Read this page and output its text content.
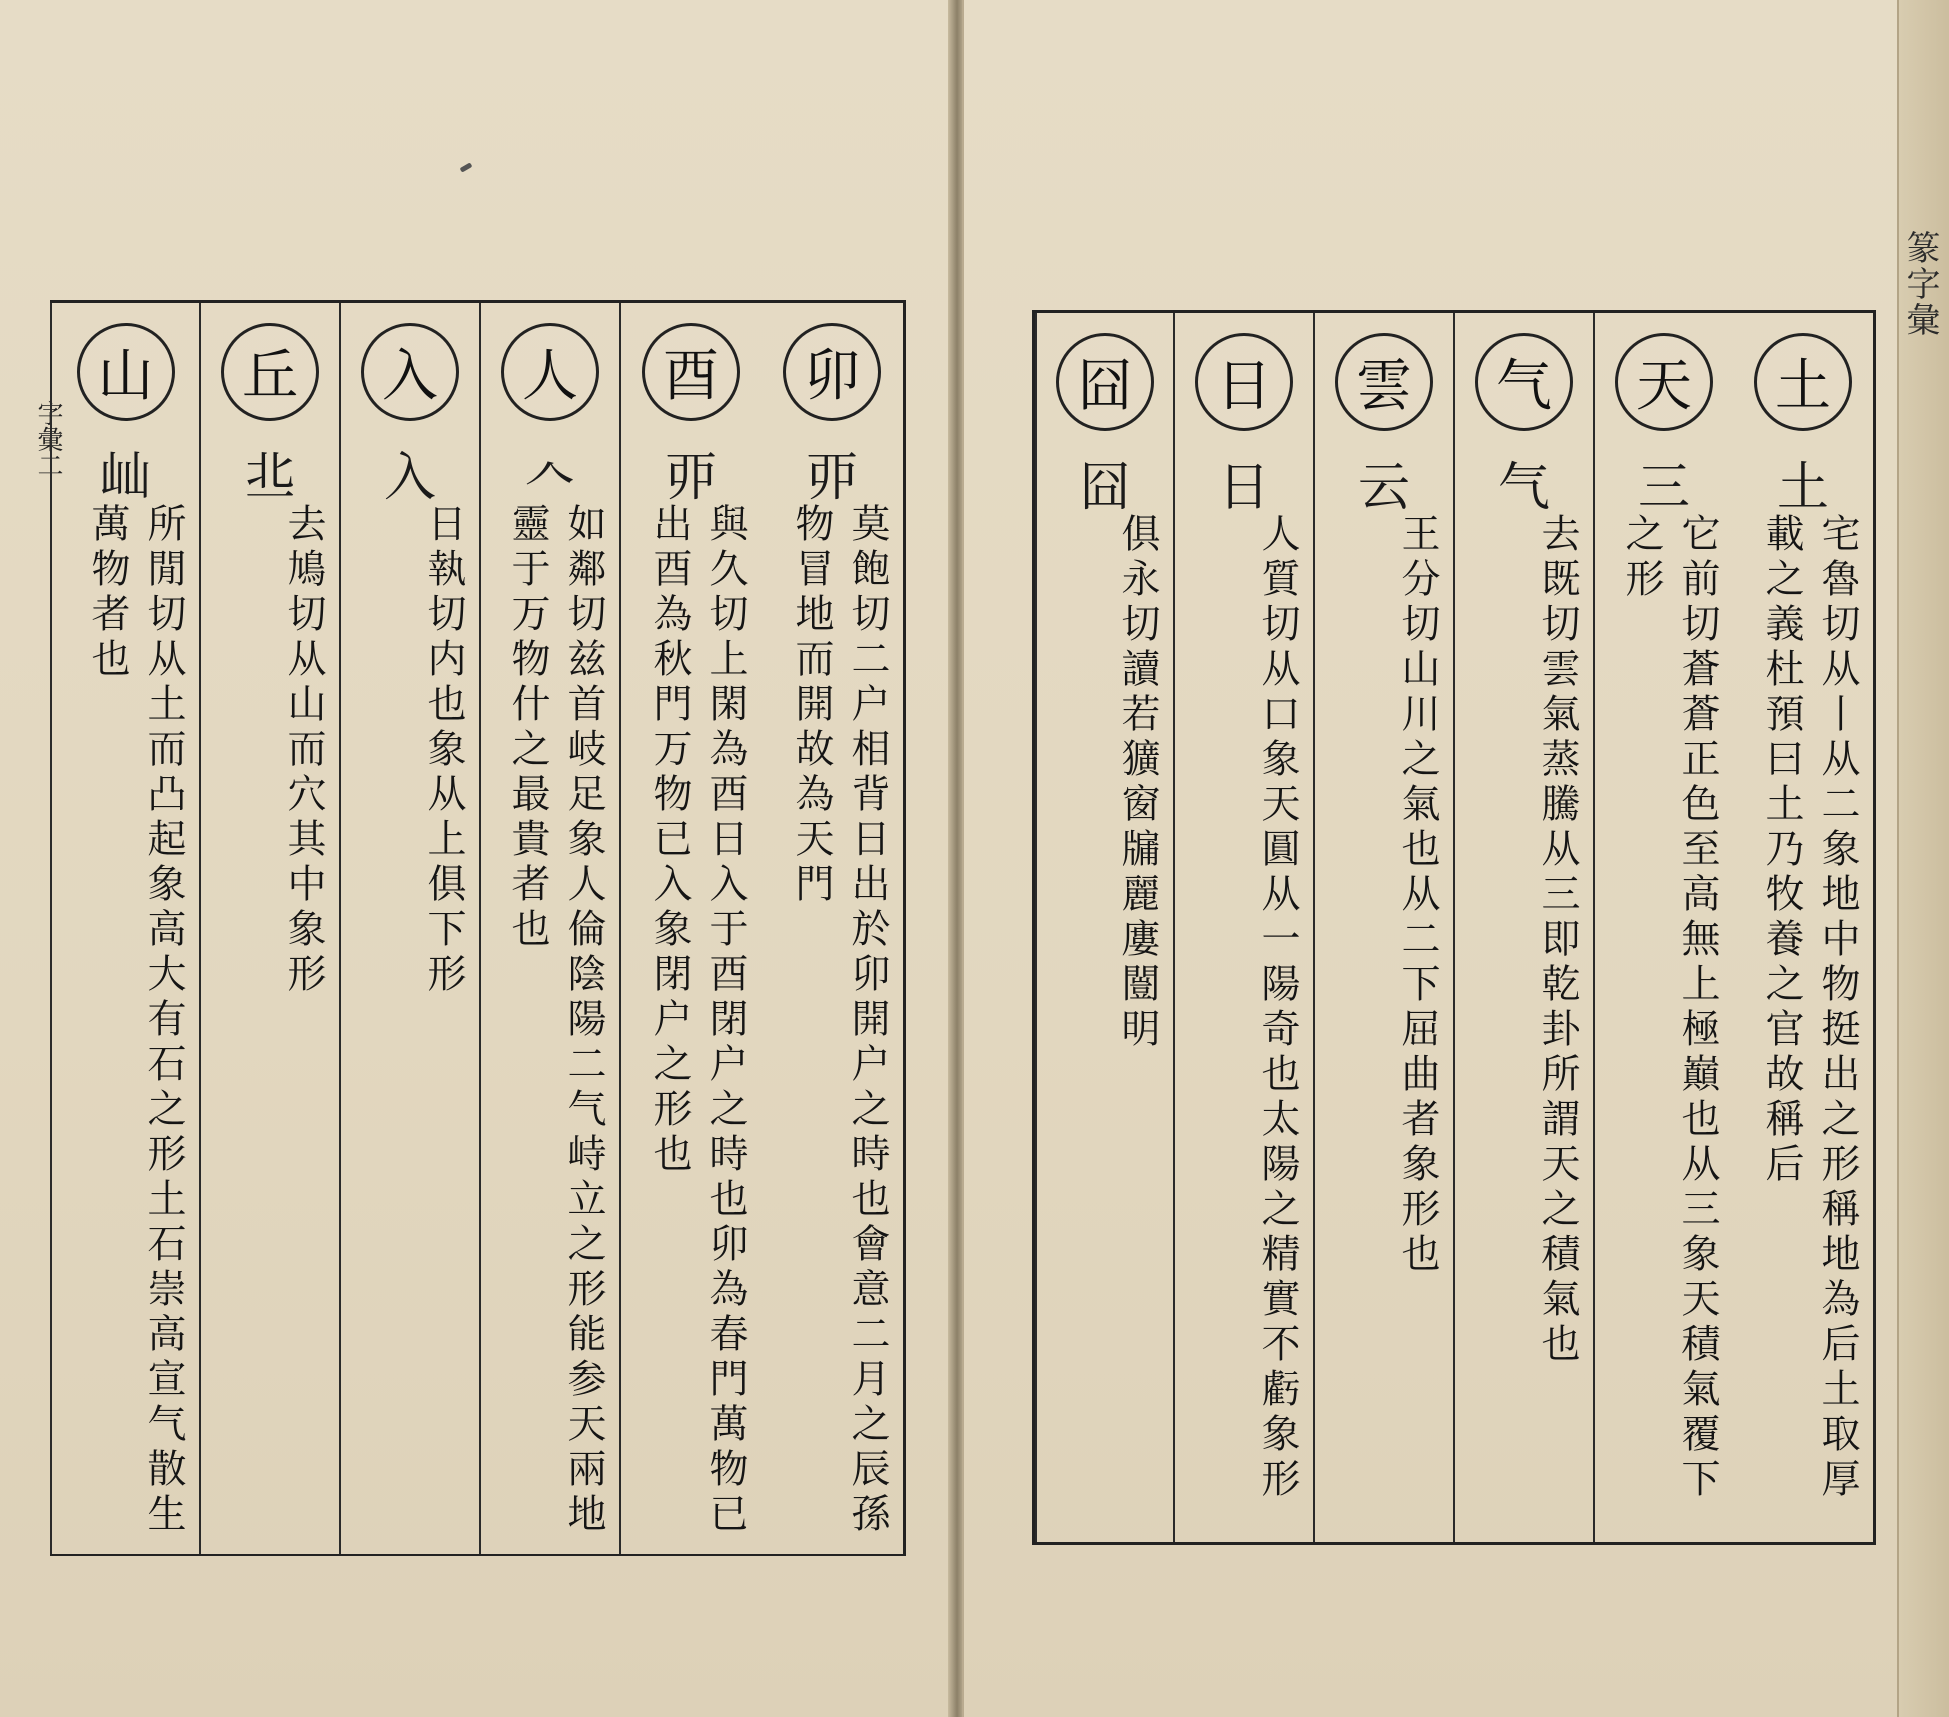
字彙二
卯
丣
莫飽切二户相背日出於卯開户之時也會意二月之辰孫物冒地而開故為天門
酉
丣
與久切上閑為酉日入于酉閉户之時也卯為春門萬物已出酉為秋門万物已入象閉户之形也
人
𠆢
如鄰切兹首岐足象人倫陰陽二气峙立之形能参天兩地靈于万物什之最貴者也
入
入
日執切内也象从上俱下形
丘
丠
去鳩切从山而穴其中象形
山
屾
所閒切从土而凸起象高大有石之形土石崇高宣气散生萬物者也
土
土
宅魯切从丨从二象地中物挺出之形稱地為后土取厚載之義杜預曰土乃牧養之官故稱后
天
三
它前切蒼蒼正色至高無上極巔也从三象天積氣覆下之形
气
气
去既切雲氣蒸騰从三即乾卦所謂天之積氣也
雲
云
王分切山川之氣也从二下屈曲者象形也
日
日
人質切从口象天圓从一陽奇也太陽之精實不虧象形
囧
囧
俱永切讀若獷窗牖麗廔闓明
篆字彙
